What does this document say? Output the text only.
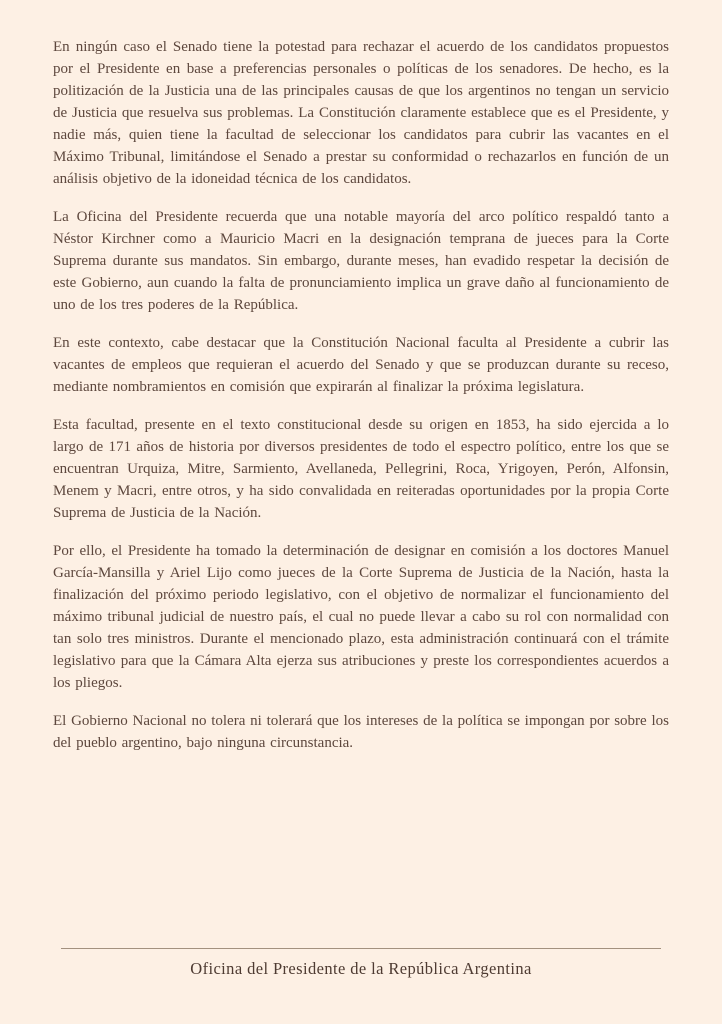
En ningún caso el Senado tiene la potestad para rechazar el acuerdo de los candidatos propuestos por el Presidente en base a preferencias personales o políticas de los senadores. De hecho, es la politización de la Justicia una de las principales causas de que los argentinos no tengan un servicio de Justicia que resuelva sus problemas. La Constitución claramente establece que es el Presidente, y nadie más, quien tiene la facultad de seleccionar los candidatos para cubrir las vacantes en el Máximo Tribunal, limitándose el Senado a prestar su conformidad o rechazarlos en función de un análisis objetivo de la idoneidad técnica de los candidatos.

La Oficina del Presidente recuerda que una notable mayoría del arco político respaldó tanto a Néstor Kirchner como a Mauricio Macri en la designación temprana de jueces para la Corte Suprema durante sus mandatos. Sin embargo, durante meses, han evadido respetar la decisión de este Gobierno, aun cuando la falta de pronunciamiento implica un grave daño al funcionamiento de uno de los tres poderes de la República.

En este contexto, cabe destacar que la Constitución Nacional faculta al Presidente a cubrir las vacantes de empleos que requieran el acuerdo del Senado y que se produzcan durante su receso, mediante nombramientos en comisión que expirarán al finalizar la próxima legislatura.

Esta facultad, presente en el texto constitucional desde su origen en 1853, ha sido ejercida a lo largo de 171 años de historia por diversos presidentes de todo el espectro político, entre los que se encuentran Urquiza, Mitre, Sarmiento, Avellaneda, Pellegrini, Roca, Yrigoyen, Perón, Alfonsin, Menem y Macri, entre otros, y ha sido convalidada en reiteradas oportunidades por la propia Corte Suprema de Justicia de la Nación.

Por ello, el Presidente ha tomado la determinación de designar en comisión a los doctores Manuel García-Mansilla y Ariel Lijo como jueces de la Corte Suprema de Justicia de la Nación, hasta la finalización del próximo periodo legislativo, con el objetivo de normalizar el funcionamiento del máximo tribunal judicial de nuestro país, el cual no puede llevar a cabo su rol con normalidad con tan solo tres ministros. Durante el mencionado plazo, esta administración continuará con el trámite legislativo para que la Cámara Alta ejerza sus atribuciones y preste los correspondientes acuerdos a los pliegos.

El Gobierno Nacional no tolera ni tolerará que los intereses de la política se impongan por sobre los del pueblo argentino, bajo ninguna circunstancia.

Oficina del Presidente de la República Argentina
